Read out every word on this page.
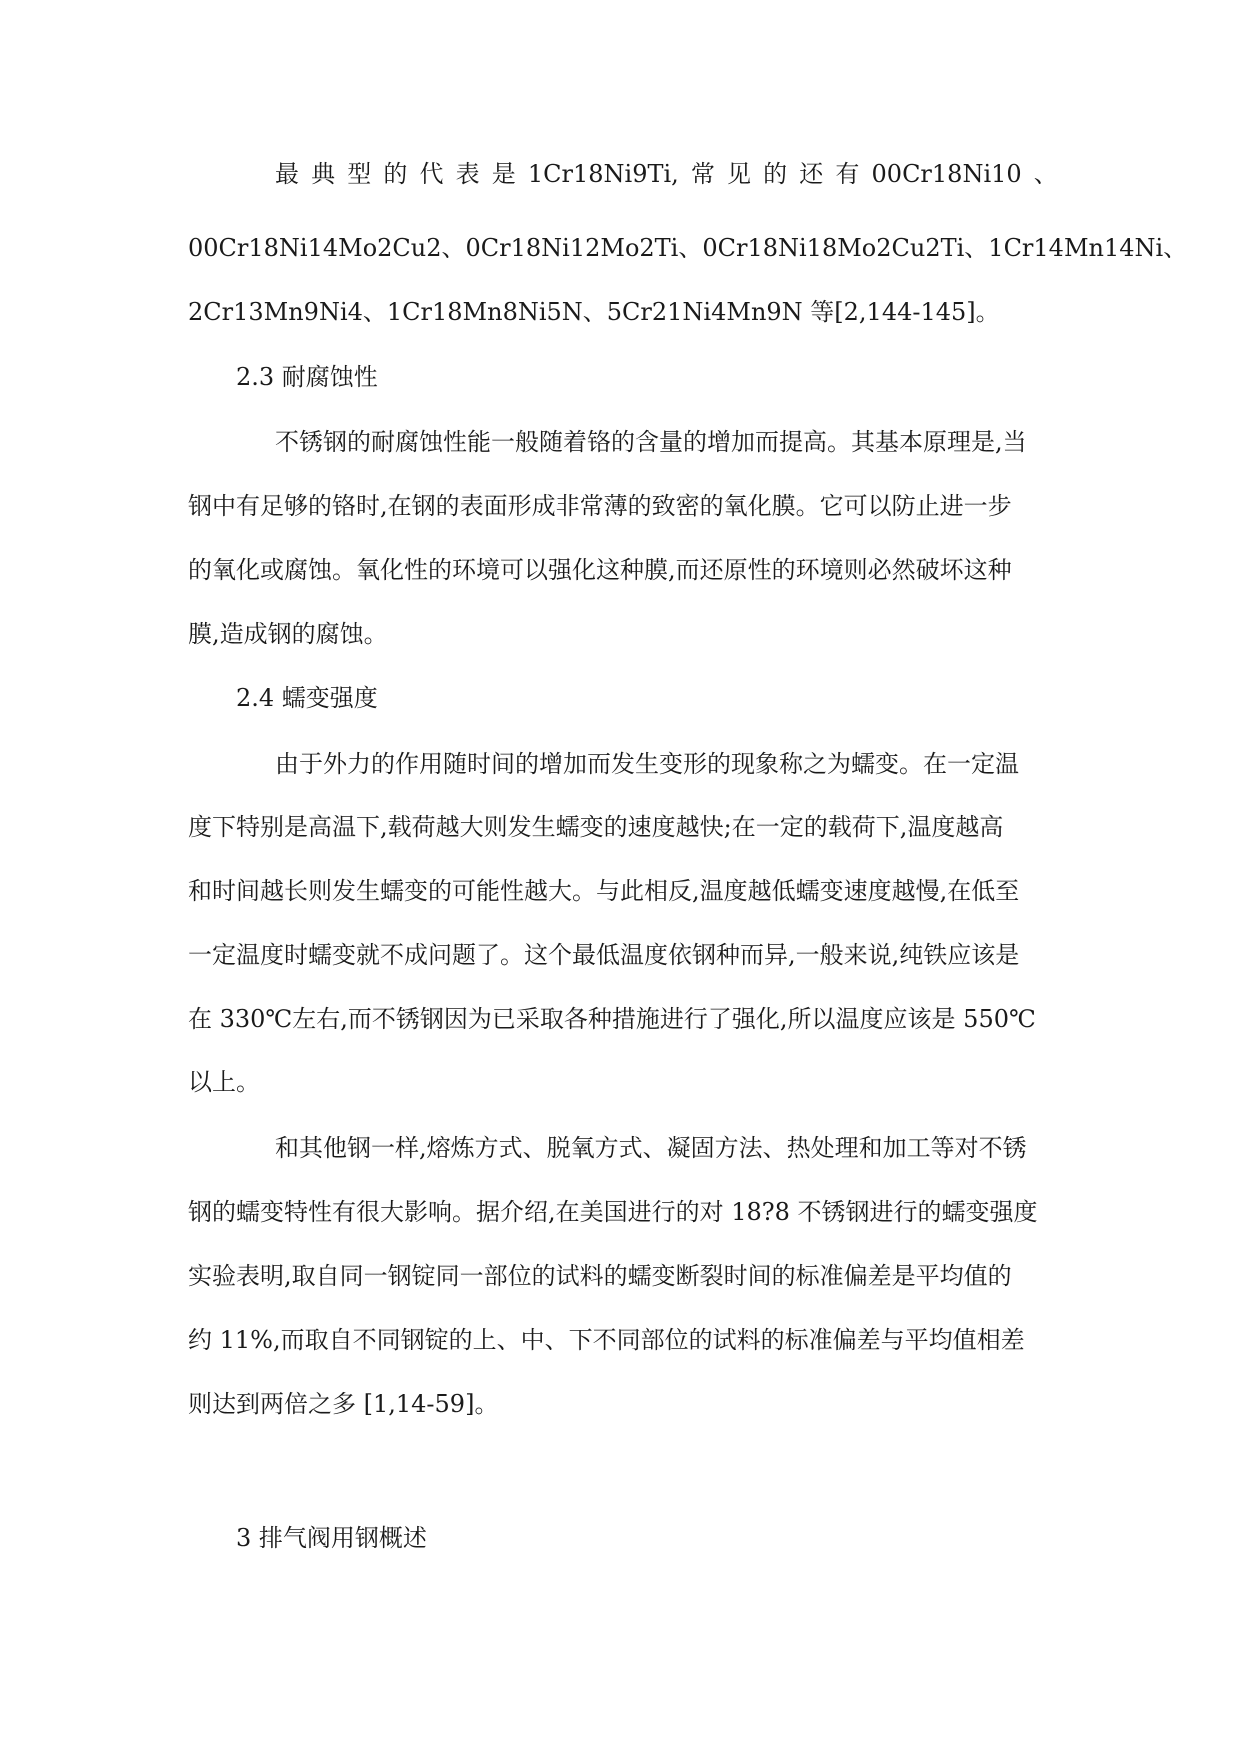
最 典 型 的 代 表 是 1Cr18Ni9Ti, 常 见 的 还 有 00Cr18Ni10 、
00Cr18Ni14Mo2Cu2 、 0Cr18Ni12Mo2Ti 、 0Cr18Ni18Mo2Cu2Ti 、 1Cr14Mn14Ni 、
2Cr13Mn9Ni4、1Cr18Mn8Ni5N、5Cr21Ni4Mn9N 等[2,144-145]。
2.3 耐腐蚀性
不锈钢的耐腐蚀性能一般随着铬的含量的增加而提高。其基本原理是,当
钢中有足够的铬时,在钢的表面形成非常薄的致密的氧化膜。它可以防止进一步
的氧化或腐蚀。氧化性的环境可以强化这种膜,而还原性的环境则必然破坏这种
膜,造成钢的腐蚀。
2.4 蠕变强度
由于外力的作用随时间的增加而发生变形的现象称之为蠕变。在一定温
度下特别是高温下,载荷越大则发生蠕变的速度越快;在一定的载荷下,温度越高
和时间越长则发生蠕变的可能性越大。与此相反,温度越低蠕变速度越慢,在低至
一定温度时蠕变就不成问题了。这个最低温度依钢种而异,一般来说,纯铁应该是
在 330℃左右,而不锈钢因为已采取各种措施进行了强化,所以温度应该是 550℃
以上。
和其他钢一样,熔炼方式、脱氧方式、凝固方法、热处理和加工等对不锈
钢的蠕变特性有很大影响。据介绍,在美国进行的对 18?8 不锈钢进行的蠕变强度
实验表明,取自同一钢锭同一部位的试料的蠕变断裂时间的标准偏差是平均值的
约 11%,而取自不同钢锭的上、中、下不同部位的试料的标准偏差与平均值相差
则达到两倍之多 [1,14-59]。
3 排气阀用钢概述
